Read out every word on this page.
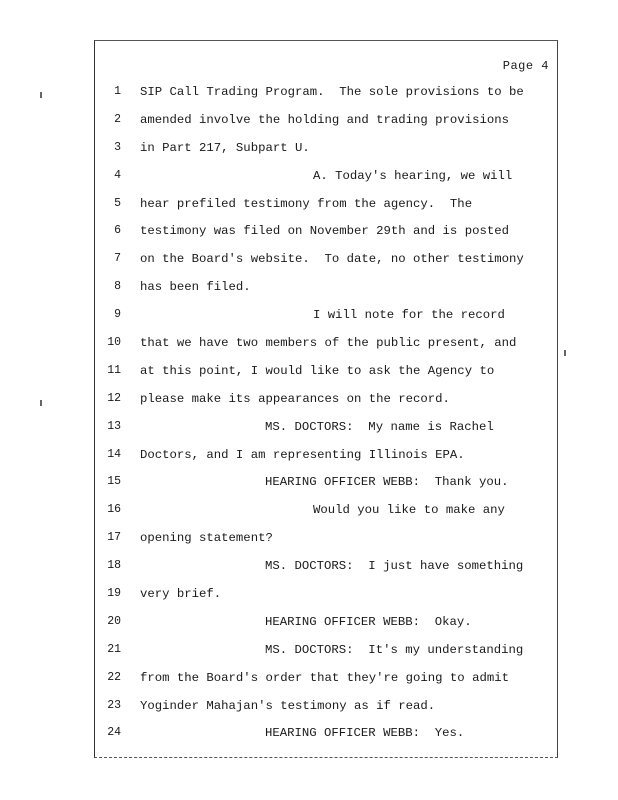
Page 4
1 SIP Call Trading Program.  The sole provisions to be
2 amended involve the holding and trading provisions
3 in Part 217, Subpart U.
4	A. Today's hearing, we will
5 hear prefiled testimony from the agency.  The
6 testimony was filed on November 29th and is posted
7 on the Board's website.  To date, no other testimony
8 has been filed.
9	I will note for the record
10 that we have two members of the public present, and
11 at this point, I would like to ask the Agency to
12 please make its appearances on the record.
13	MS. DOCTORS:  My name is Rachel
14 Doctors, and I am representing Illinois EPA.
15	HEARING OFFICER WEBB:  Thank you.
16	Would you like to make any
17 opening statement?
18	MS. DOCTORS:  I just have something
19 very brief.
20	HEARING OFFICER WEBB:  Okay.
21	MS. DOCTORS:  It's my understanding
22 from the Board's order that they're going to admit
23 Yoginder Mahajan's testimony as if read.
24	HEARING OFFICER WEBB:  Yes.
